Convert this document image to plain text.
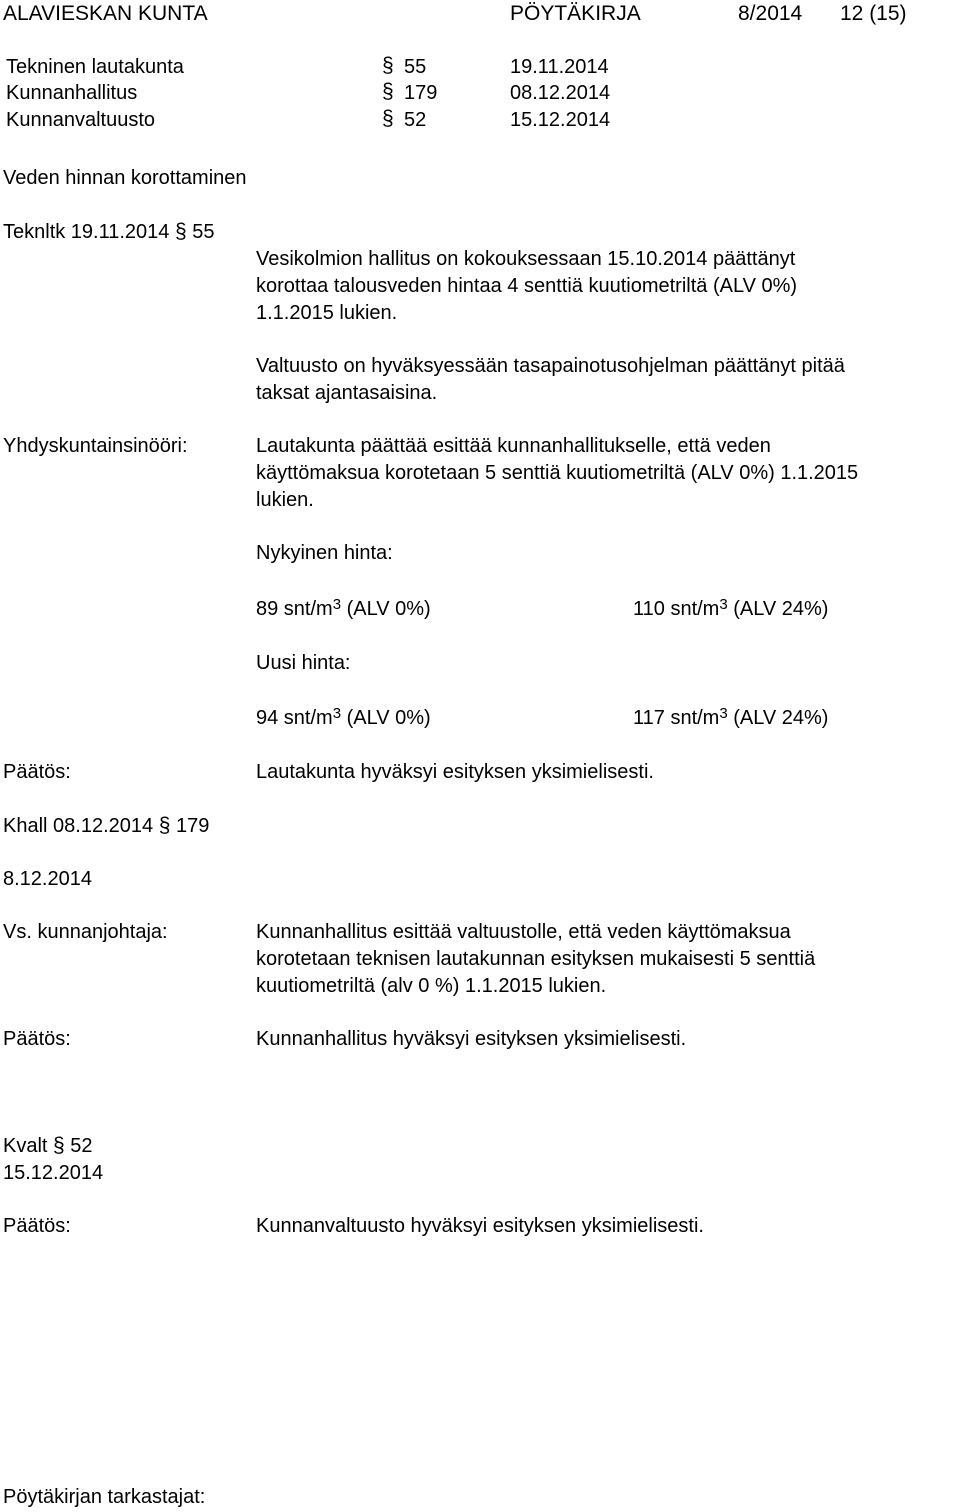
ALAVIESKAN KUNTA	PÖYTÄKIRJA	8/2014 12 (15)
Tekninen lautakunta	§ 55	19.11.2014
Kunnanhallitus	§ 179	08.12.2014
Kunnanvaltuusto	§ 52	15.12.2014
Veden hinnan korottaminen
Teknltk 19.11.2014 § 55
Vesikolmion hallitus on kokouksessaan 15.10.2014 päättänyt
korottaa talousveden hintaa 4 senttiä kuutiometriltä (ALV 0%)
1.1.2015 lukien.
Valtuusto on hyväksyessään tasapainotusohjelman päättänyt pitää
taksat ajantasaisina.
Yhdyskuntainsinööri:	Lautakunta päättää esittää kunnanhallitukselle, että veden
käyttömaksua korotetaan 5 senttiä kuutiometriltä (ALV 0%) 1.1.2015
lukien.
Nykyinen hinta:
89 snt/$m^3$ (ALV 0%)	110 snt/$m^3$ (ALV 24%)
Uusi hinta:
94 snt/$m^3$ (ALV 0%)	117 snt/$m^3$ (ALV 24%)
Päätös:	Lautakunta hyväksyi esityksen yksimielisesti.
Khall 08.12.2014 § 179
8.12.2014
Vs. kunnanjohtaja:	Kunnanhallitus esittää valtuustolle, että veden käyttömaksua
korotetaan teknisen lautakunnan esityksen mukaisesti 5 senttiä
kuutiometriltä (alv 0 %) 1.1.2015 lukien.
Päätös:	Kunnanhallitus hyväksyi esityksen yksimielisesti.
Kvalt § 52
15.12.2014
Päätös:	Kunnanvaltuusto hyväksyi esityksen yksimielisesti.
Pöytäkirjan tarkastajat:
